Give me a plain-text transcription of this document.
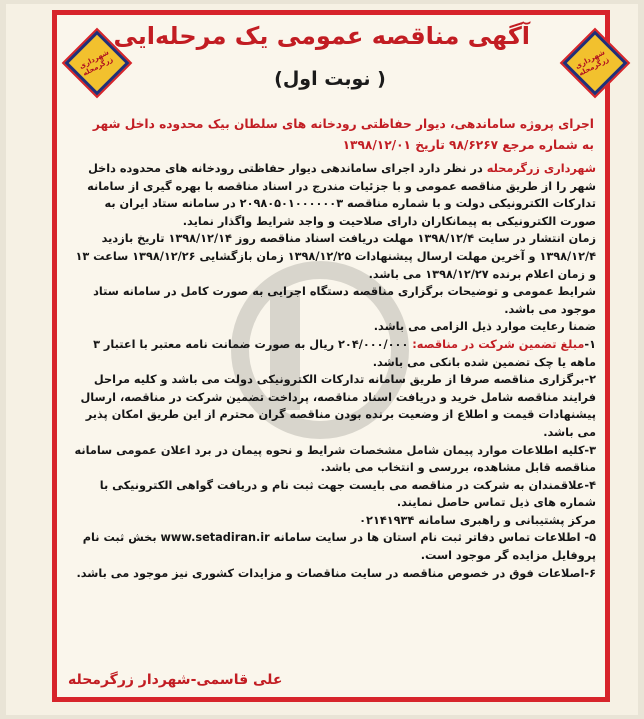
شهرداری زرگرمحله	شهرداری زرگرمحله
آگهی مناقصه عمومی یک مرحله‌ایی
( نوبت اول)
اجرای پروژه ساماندهی، دیوار حفاظتی رودخانه های سلطان بیک محدوده داخل شهر
به شماره مرجع ۹۸/۶۲۶۷ تاریخ ۱۳۹۸/۱۲/۰۱

شهرداری زرگرمحله در نظر دارد اجرای ساماندهی دیوار حفاظتی رودخانه های محدوده داخل شهر را از طریق مناقصه عمومی و با جزئیات مندرج در اسناد مناقصه با بهره گیری از سامانه تدارکات الکترونیکی دولت و با شماره مناقصه ۲۰۹۸۰۵۰۱۰۰۰۰۰۰۳ در سامانه ستاد ایران به صورت الکترونیکی به پیمانکاران دارای صلاحیت و واجد شرایط واگذار نماید.

زمان انتشار در سایت ۱۳۹۸/۱۲/۴ مهلت دریافت اسناد مناقصه روز ۱۳۹۸/۱۲/۱۴ تاریخ بازدید ۱۳۹۸/۱۲/۴ و آخرین مهلت ارسال پیشنهادات ۱۳۹۸/۱۲/۲۵ زمان بازگشایی ۱۳۹۸/۱۲/۲۶ ساعت ۱۳ و زمان اعلام برنده ۱۳۹۸/۱۲/۲۷ می باشد.

شرایط عمومی و توضیحات برگزاری مناقصه دستگاه اجرایی به صورت کامل در سامانه ستاد موجود می باشد.

ضمنا رعایت موارد ذیل الزامی می باشد.

۱-مبلغ تضمین شرکت در مناقصه: ۲۰۴/۰۰۰/۰۰۰ ریال به صورت ضمانت نامه معتبر با اعتبار ۳ ماهه یا چک تضمین شده بانکی می باشد.

۲-برگزاری مناقصه صرفا از طریق سامانه تدارکات الکترونیکی دولت می باشد و کلیه مراحل فرایند مناقصه شامل خرید و دریافت اسناد مناقصه، پرداخت تضمین شرکت در مناقصه، ارسال پیشنهادات قیمت و اطلاع از وضعیت برنده بودن مناقصه گران محترم از این طریق امکان پذیر می باشد.

۳-کلیه اطلاعات موارد پیمان شامل مشخصات شرایط و نحوه پیمان در برد اعلان عمومی سامانه مناقصه قابل مشاهده، بررسی و انتخاب می باشد.

۴-علاقمندان به شرکت در مناقصه می بایست جهت ثبت نام و دریافت گواهی الکترونیکی با شماره های ذیل تماس حاصل نمایند.

مرکز پشتیبانی و راهبری سامانه ۰۲۱۴۱۹۳۴

۵- اطلاعات تماس دفاتر ثبت نام استان ها در سایت سامانه www.setadiran.ir بخش ثبت نام پروفایل مزایده گر موجود است.

۶-اصلاعات فوق در خصوص مناقصه در سایت مناقصات و مزایدات کشوری نیز موجود می باشد.

علی قاسمی-شهردار زرگرمحله
